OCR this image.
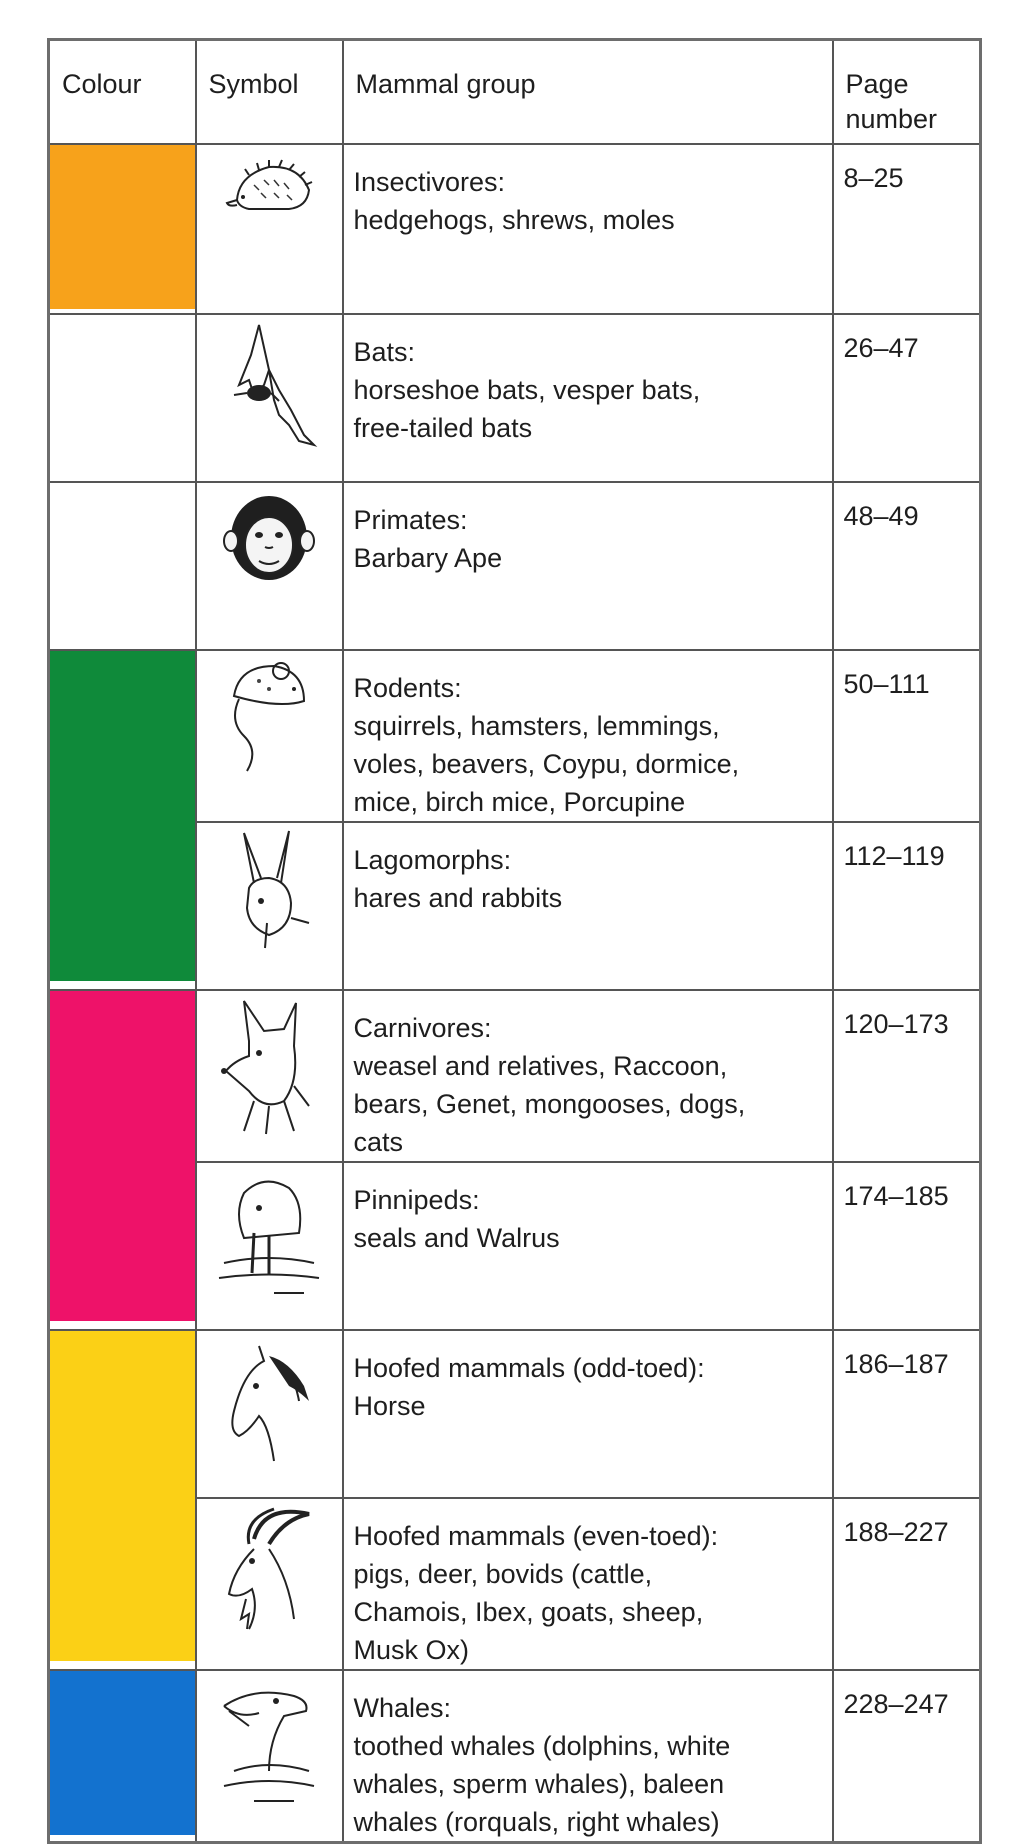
Colour	Symbol	Mammal group	Page
number

Insectivores:
hedgehogs, shrews, moles	8–25

Bats:
horseshoe bats, vesper bats,
free-tailed bats	26–47

Primates:
Barbary Ape	48–49

Rodents:
squirrels, hamsters, lemmings,
voles, beavers, Coypu, dormice,
mice, birch mice, Porcupine	50–111

Lagomorphs:
hares and rabbits	112–119

Carnivores:
weasel and relatives, Raccoon,
bears, Genet, mongooses, dogs,
cats	120–173

Pinnipeds:
seals and Walrus	174–185

Hoofed mammals (odd-toed):
Horse	186–187

Hoofed mammals (even-toed):
pigs, deer, bovids (cattle,
Chamois, Ibex, goats, sheep,
Musk Ox)	188–227

Whales:
toothed whales (dolphins, white
whales, sperm whales), baleen
whales (rorquals, right whales)	228–247
